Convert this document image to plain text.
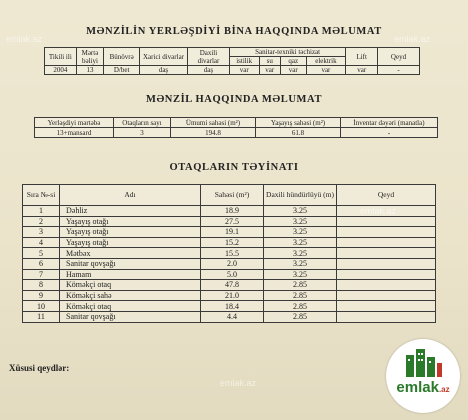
MƏNZİLİN YERLƏŞDİYİ BİNA HAQQINDA MƏLUMAT
Tikili ili	Mərtə bəliyi	Bünövrə	Xarici divarlar	Daxili divarlar	Sanitar-texniki təchizat				Lift	Qeyd
					istilik	su	qaz	elektrik		
2004	13	D/bet	daş	daş	var	var	var	var	var	-
MƏNZİL HAQQINDA MƏLUMAT
Yerləşdiyi mərtəbə	Otaqların sayı	Ümumi sahəsi (m²)	Yaşayış sahəsi (m²)	İnventar dəyəri (manatla)
13+mansard	3	194.8	61.8	-
OTAQLARIN TƏYİNATI
Sıra №-si	Adı	Sahəsi (m²)	Daxili hündürlüyü (m)	Qeyd
1	Dəhliz	18.9	3.25	
2	Yaşayış otağı	27.5	3.25	
3	Yaşayış otağı	19.1	3.25	
4	Yaşayış otağı	15.2	3.25	
5	Mətbəx	15.5	3.25	
6	Sanitar qovşağı	2.0	3.25	
7	Hamam	5.0	3.25	
8	Köməkçi otaq	47.8	2.85	
9	Köməkçi sahə	21.0	2.85	
10	Köməkçi otaq	18.4	2.85	
11	Sanitar qovşağı	4.4	2.85	
Xüsusi qeydlər:
emlak.az	emlak.az
emlak.az
emlak.az	emlak.az
